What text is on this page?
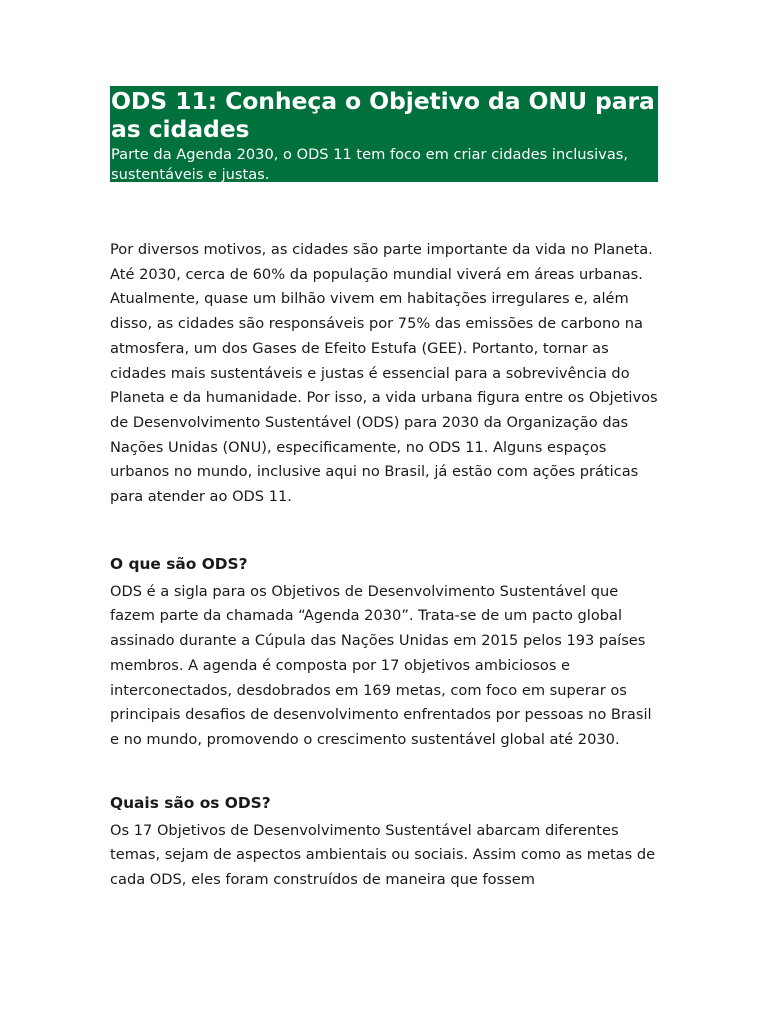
ODS 11: Conheça o Objetivo da ONU para as cidades

Parte da Agenda 2030, o ODS 11 tem foco em criar cidades inclusivas, sustentáveis e justas.

Por diversos motivos, as cidades são parte importante da vida no Planeta. Até 2030, cerca de 60% da população mundial viverá em áreas urbanas. Atualmente, quase um bilhão vivem em habitações irregulares e, além disso, as cidades são responsáveis por 75% das emissões de carbono na atmosfera, um dos Gases de Efeito Estufa (GEE). Portanto, tornar as cidades mais sustentáveis e justas é essencial para a sobrevivência do Planeta e da humanidade. Por isso, a vida urbana figura entre os Objetivos de Desenvolvimento Sustentável (ODS) para 2030 da Organização das Nações Unidas (ONU), especificamente, no ODS 11. Alguns espaços urbanos no mundo, inclusive aqui no Brasil, já estão com ações práticas para atender ao ODS 11.

O que são ODS?

ODS é a sigla para os Objetivos de Desenvolvimento Sustentável que fazem parte da chamada “Agenda 2030”. Trata-se de um pacto global assinado durante a Cúpula das Nações Unidas em 2015 pelos 193 países membros. A agenda é composta por 17 objetivos ambiciosos e interconectados, desdobrados em 169 metas, com foco em superar os principais desafios de desenvolvimento enfrentados por pessoas no Brasil e no mundo, promovendo o crescimento sustentável global até 2030.

Quais são os ODS?

Os 17 Objetivos de Desenvolvimento Sustentável abarcam diferentes temas, sejam de aspectos ambientais ou sociais. Assim como as metas de cada ODS, eles foram construídos de maneira que fossem
